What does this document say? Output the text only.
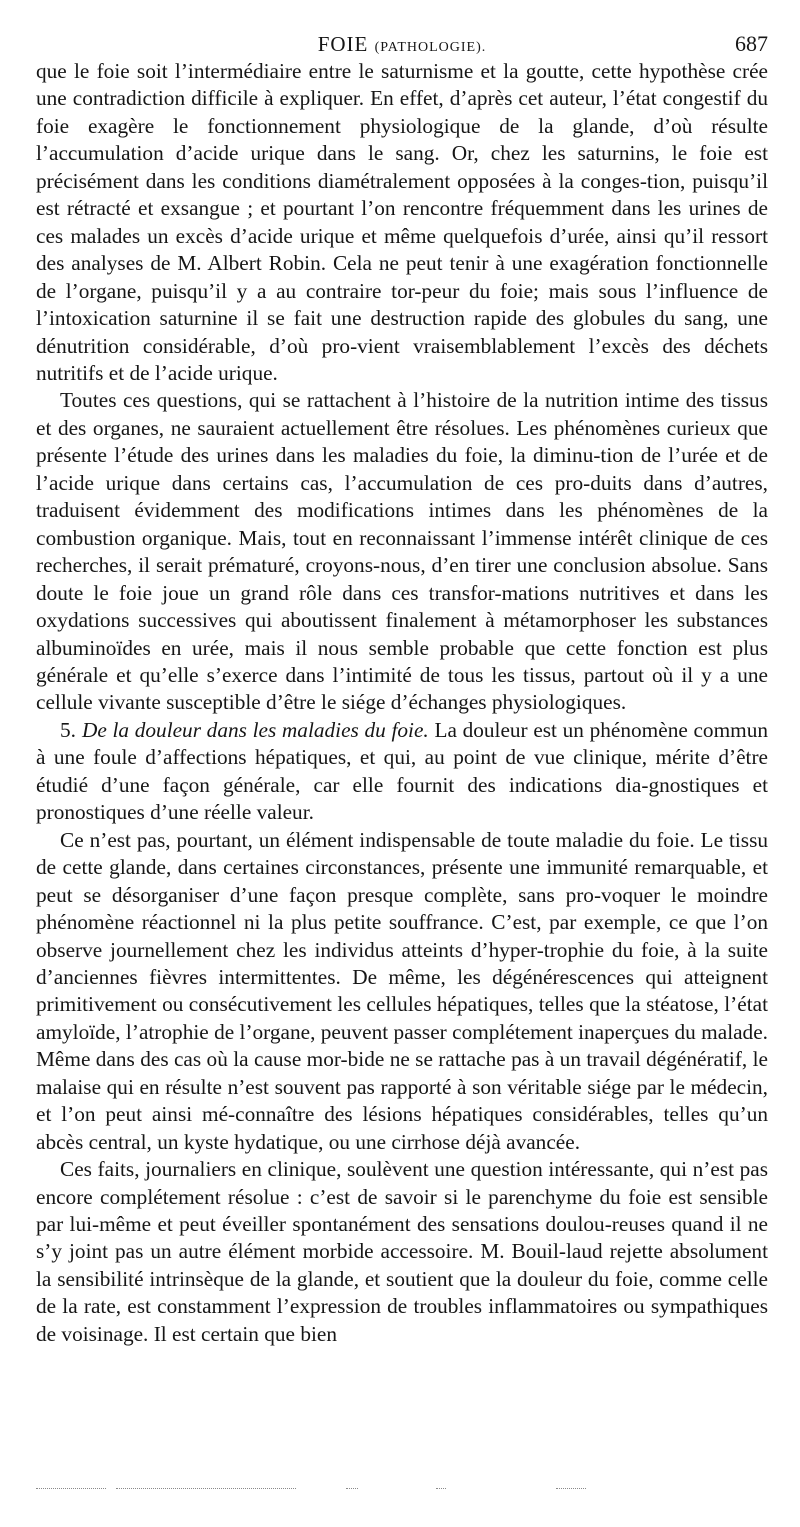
FOIE (PATHOLOGIE).	687

que le foie soit l’intermédiaire entre le saturnisme et la goutte, cette hypothèse crée une contradiction difficile à expliquer. En effet, d’après cet auteur, l’état congestif du foie exagère le fonctionnement physiologique de la glande, d’où résulte l’accumulation d’acide urique dans le sang. Or, chez les saturnins, le foie est précisément dans les conditions diamétralement opposées à la conges-tion, puisqu’il est rétracté et exsangue ; et pourtant l’on rencontre fréquemment dans les urines de ces malades un excès d’acide urique et même quelquefois d’urée, ainsi qu’il ressort des analyses de M. Albert Robin. Cela ne peut tenir à une exagération fonctionnelle de l’organe, puisqu’il y a au contraire tor-peur du foie; mais sous l’influence de l’intoxication saturnine il se fait une destruction rapide des globules du sang, une dénutrition considérable, d’où pro-vient vraisemblablement l’excès des déchets nutritifs et de l’acide urique.

Toutes ces questions, qui se rattachent à l’histoire de la nutrition intime des tissus et des organes, ne sauraient actuellement être résolues. Les phénomènes curieux que présente l’étude des urines dans les maladies du foie, la diminu-tion de l’urée et de l’acide urique dans certains cas, l’accumulation de ces pro-duits dans d’autres, traduisent évidemment des modifications intimes dans les phénomènes de la combustion organique. Mais, tout en reconnaissant l’immense intérêt clinique de ces recherches, il serait prématuré, croyons-nous, d’en tirer une conclusion absolue. Sans doute le foie joue un grand rôle dans ces transfor-mations nutritives et dans les oxydations successives qui aboutissent finalement à métamorphoser les substances albuminoïdes en urée, mais il nous semble probable que cette fonction est plus générale et qu’elle s’exerce dans l’intimité de tous les tissus, partout où il y a une cellule vivante susceptible d’être le siége d’échanges physiologiques.

5. De la douleur dans les maladies du foie. La douleur est un phénomène commun à une foule d’affections hépatiques, et qui, au point de vue clinique, mérite d’être étudié d’une façon générale, car elle fournit des indications dia-gnostiques et pronostiques d’une réelle valeur.

Ce n’est pas, pourtant, un élément indispensable de toute maladie du foie. Le tissu de cette glande, dans certaines circonstances, présente une immunité remarquable, et peut se désorganiser d’une façon presque complète, sans pro-voquer le moindre phénomène réactionnel ni la plus petite souffrance. C’est, par exemple, ce que l’on observe journellement chez les individus atteints d’hyper-trophie du foie, à la suite d’anciennes fièvres intermittentes. De même, les dégénérescences qui atteignent primitivement ou consécutivement les cellules hépatiques, telles que la stéatose, l’état amyloïde, l’atrophie de l’organe, peuvent passer complétement inaperçues du malade. Même dans des cas où la cause mor-bide ne se rattache pas à un travail dégénératif, le malaise qui en résulte n’est souvent pas rapporté à son véritable siége par le médecin, et l’on peut ainsi mé-connaître des lésions hépatiques considérables, telles qu’un abcès central, un kyste hydatique, ou une cirrhose déjà avancée.

Ces faits, journaliers en clinique, soulèvent une question intéressante, qui n’est pas encore complétement résolue : c’est de savoir si le parenchyme du foie est sensible par lui-même et peut éveiller spontanément des sensations doulou-reuses quand il ne s’y joint pas un autre élément morbide accessoire. M. Bouil-laud rejette absolument la sensibilité intrinsèque de la glande, et soutient que la douleur du foie, comme celle de la rate, est constamment l’expression de troubles inflammatoires ou sympathiques de voisinage. Il est certain que bien
